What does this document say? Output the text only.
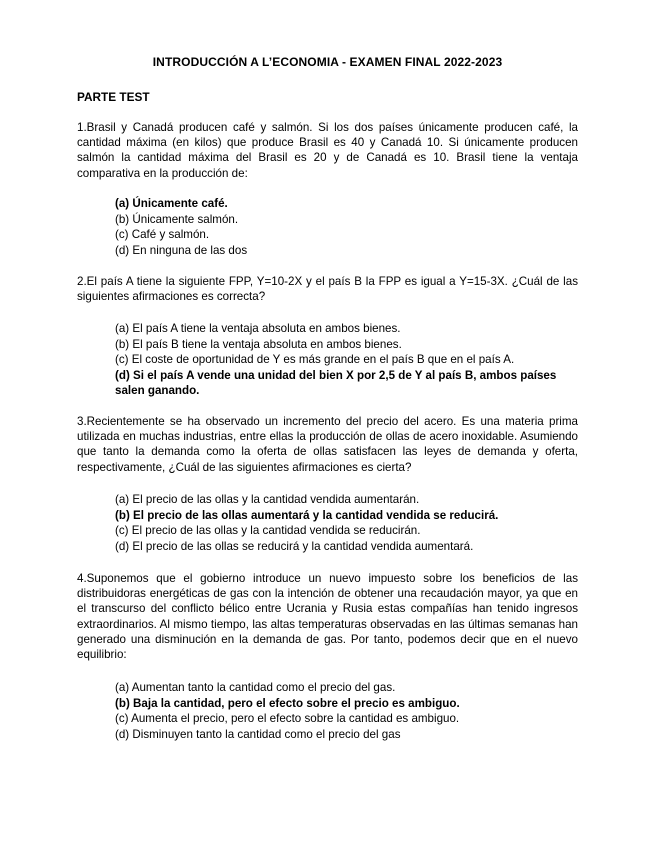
INTRODUCCIÓN A L’ECONOMIA - EXAMEN FINAL 2022-2023
PARTE TEST

1.Brasil y Canadá producen café y salmón. Si los dos países únicamente producen café, la cantidad máxima (en kilos) que produce Brasil es 40 y Canadá 10. Si únicamente producen salmón la cantidad máxima del Brasil es 20 y de Canadá es 10. Brasil tiene la ventaja comparativa en la producción de:

(a) Únicamente café.
(b) Únicamente salmón.
(c) Café y salmón.
(d) En ninguna de las dos

2.El país A tiene la siguiente FPP, Y=10-2X y el país B la FPP es igual a Y=15-3X. ¿Cuál de las siguientes afirmaciones es correcta?

(a) El país A tiene la ventaja absoluta en ambos bienes.
(b) El país B tiene la ventaja absoluta en ambos bienes.
(c) El coste de oportunidad de Y es más grande en el país B que en el país A.
(d) Si el país A vende una unidad del bien X por 2,5 de Y al país B, ambos países salen ganando.

3.Recientemente se ha observado un incremento del precio del acero. Es una materia prima utilizada en muchas industrias, entre ellas la producción de ollas de acero inoxidable. Asumiendo que tanto la demanda como la oferta de ollas satisfacen las leyes de demanda y oferta, respectivamente, ¿Cuál de las siguientes afirmaciones es cierta?

(a) El precio de las ollas y la cantidad vendida aumentarán.
(b) El precio de las ollas aumentará y la cantidad vendida se reducirá.
(c) El precio de las ollas y la cantidad vendida se reducirán.
(d) El precio de las ollas se reducirá y la cantidad vendida aumentará.

4.Suponemos que el gobierno introduce un nuevo impuesto sobre los beneficios de las distribuidoras energéticas de gas con la intención de obtener una recaudación mayor, ya que en el transcurso del conflicto bélico entre Ucrania y Rusia estas compañías han tenido ingresos extraordinarios. Al mismo tiempo, las altas temperaturas observadas en las últimas semanas han generado una disminución en la demanda de gas. Por tanto, podemos decir que en el nuevo equilibrio:

(a) Aumentan tanto la cantidad como el precio del gas.
(b) Baja la cantidad, pero el efecto sobre el precio es ambiguo.
(c) Aumenta el precio, pero el efecto sobre la cantidad es ambiguo.
(d) Disminuyen tanto la cantidad como el precio del gas
